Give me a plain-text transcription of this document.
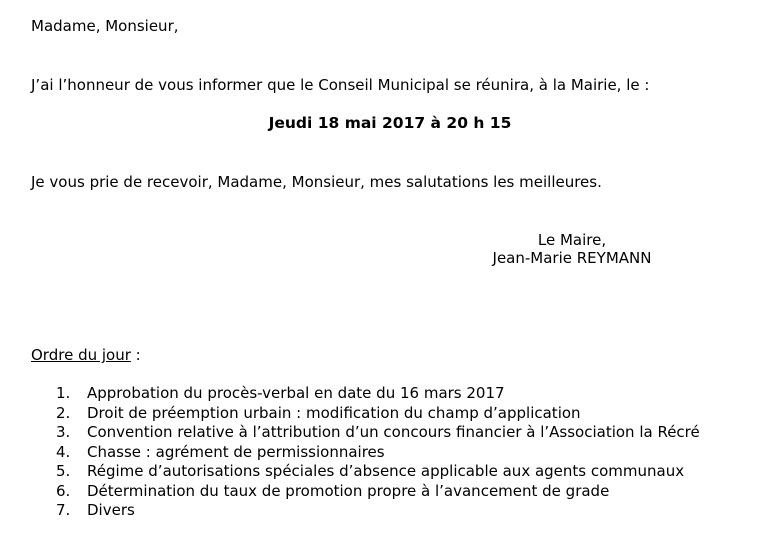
Madame, Monsieur,
J’ai l’honneur de vous informer que le Conseil Municipal se réunira, à la Mairie, le :
Jeudi 18 mai 2017 à 20 h 15
Je vous prie de recevoir, Madame, Monsieur, mes salutations les meilleures.
Le Maire,
Jean-Marie REYMANN
Ordre du jour :
1.	Approbation du procès-verbal en date du 16 mars 2017
2.	Droit de préemption urbain : modification du champ d’application
3.	Convention relative à l’attribution d’un concours financier à l’Association la Récré
4.	Chasse : agrément de permissionnaires
5.	Régime d’autorisations spéciales d’absence applicable aux agents communaux
6.	Détermination du taux de promotion propre à l’avancement de grade
7.	Divers
